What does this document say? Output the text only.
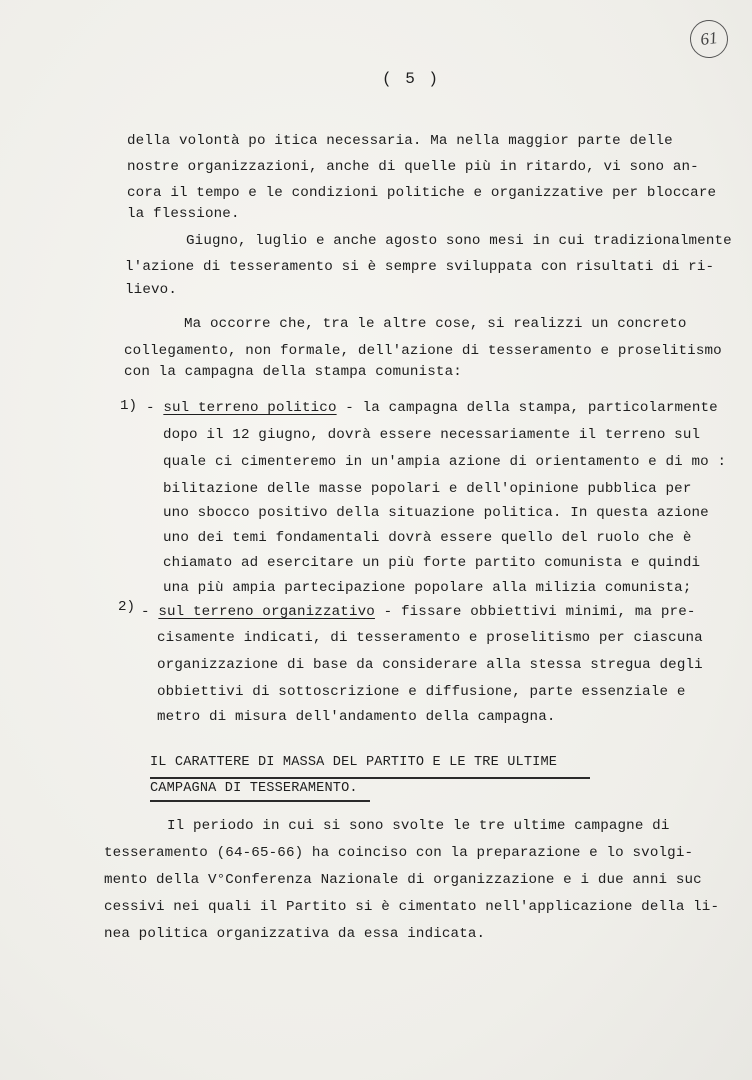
61
( 5 )
della volontà po itica necessaria. Ma nella maggior parte delle
nostre organizzazioni, anche di quelle più in ritardo, vi sono an-
cora il tempo e le condizioni politiche e organizzative per bloccare
la flessione.
Giugno, luglio e anche agosto sono mesi in cui tradizionalmente
l'azione di tesseramento si è sempre sviluppata con risultati di ri-
lievo.
Ma occorre che, tra le altre cose, si realizzi un concreto
collegamento, non formale, dell'azione di tesseramento e proselitismo
con la campagna della stampa comunista:
1) - sul terreno politico - la campagna della stampa, particolarmente
dopo il 12 giugno, dovrà essere necessariamente il terreno sul
quale ci cimenteremo in un'ampia azione di orientamento e di mo :
bilitazione delle masse popolari e dell'opinione pubblica per
uno sbocco positivo della situazione politica. In questa azione
uno dei temi fondamentali dovrà essere quello del ruolo che è
chiamato ad esercitare un più forte partito comunista e quindi
una più ampia partecipazione popolare alla milizia comunista;
2) - sul terreno organizzativo - fissare obbiettivi minimi, ma pre-
cisamente indicati, di tesseramento e proselitismo per ciascuna
organizzazione di base da considerare alla stessa stregua degli
obbiettivi di sottoscrizione e diffusione, parte essenziale e
metro di misura dell'andamento della campagna.
IL CARATTERE DI MASSA DEL PARTITO E LE TRE ULTIME
CAMPAGNA DI TESSERAMENTO.
Il periodo in cui si sono svolte le tre ultime campagne di
tesseramento (64-65-66) ha coinciso con la preparazione e lo svolgi-
mento della V°Conferenza Nazionale di organizzazione e i due anni suc
cessivi nei quali il Partito si è cimentato nell'applicazione della li-
nea politica organizzativa da essa indicata.
